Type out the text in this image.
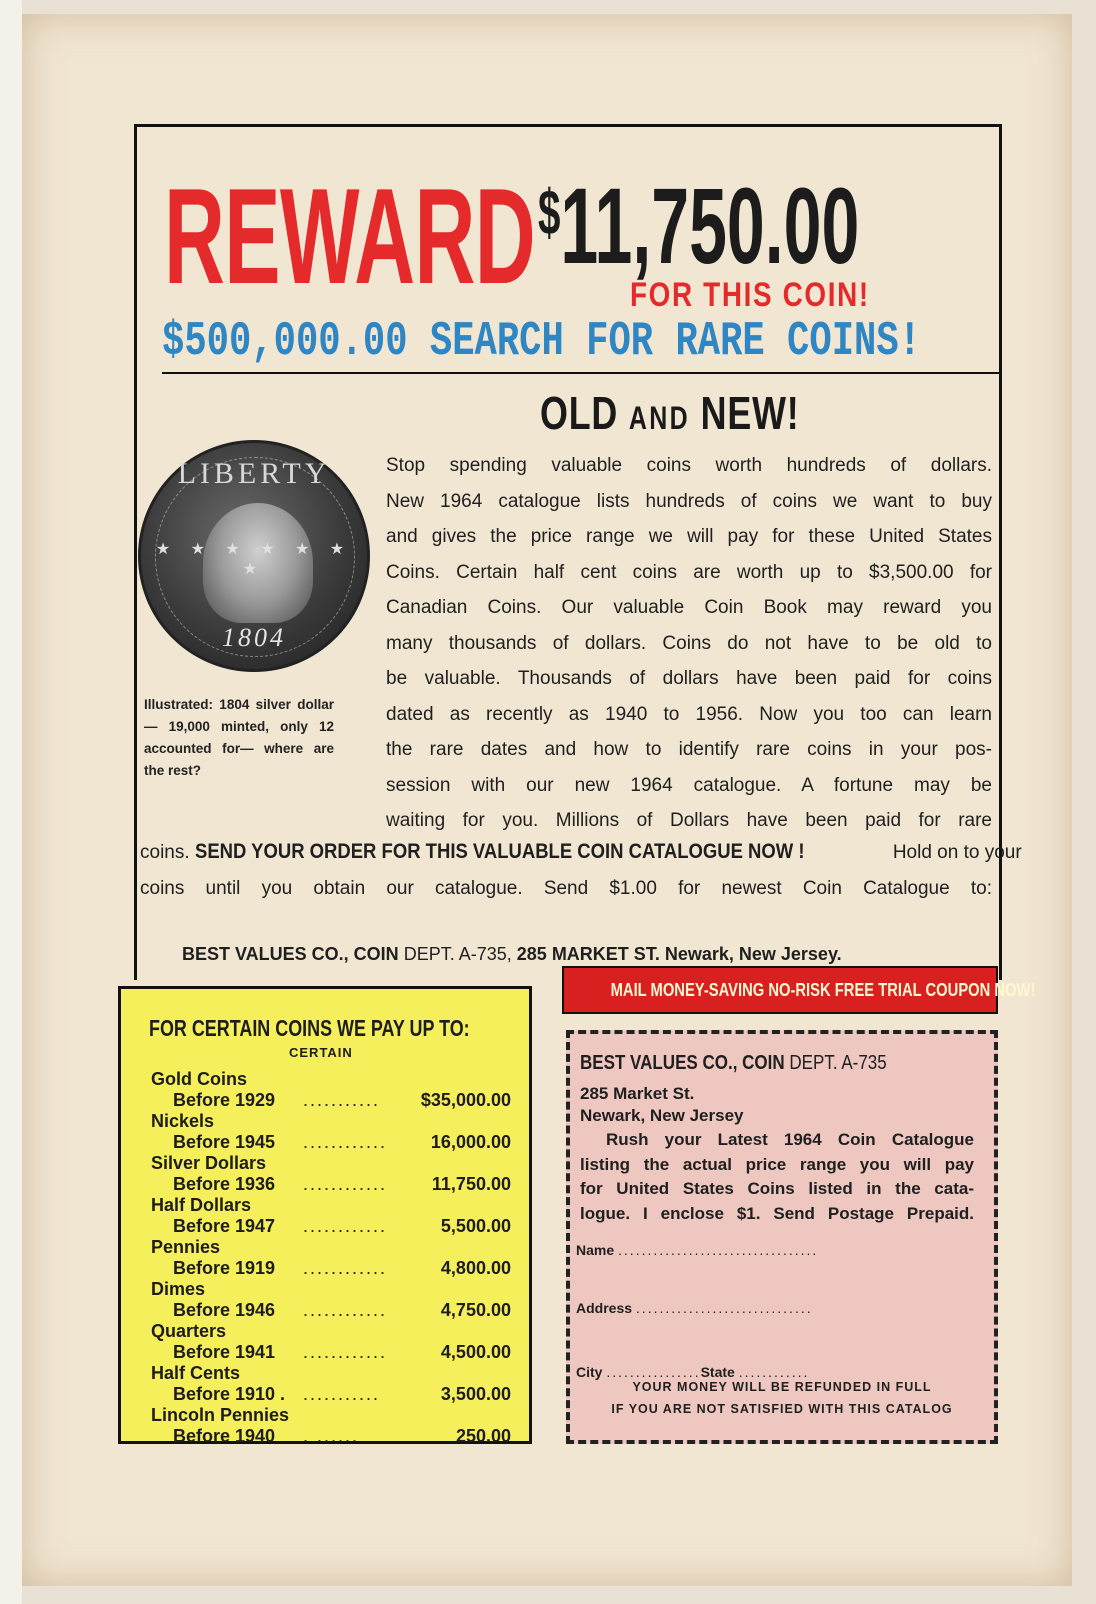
REWARD $11,750.00
FOR THIS COIN!
$500,000.00 SEARCH FOR RARE COINS!
OLD AND NEW!
LIBERTY
★ ★ ★ ★ ★ ★ ★
1804
Illustrated: 1804 silver dollar — 19,000 minted, only 12 accounted for— where are the rest?
Stop spending valuable coins worth hundreds of dollars.
New 1964 catalogue lists hundreds of coins we want to buy
and gives the price range we will pay for these United States
Coins. Certain half cent coins are worth up to $3,500.00 for
Canadian Coins. Our valuable Coin Book may reward you
many thousands of dollars. Coins do not have to be old to
be valuable. Thousands of dollars have been paid for coins
dated as recently as 1940 to 1956. Now you too can learn
the rare dates and how to identify rare coins in your pos-
session with our new 1964 catalogue. A fortune may be
waiting for you. Millions of Dollars have been paid for rare
coins. SEND YOUR ORDER FOR THIS VALUABLE COIN CATALOGUE NOW !	Hold on to your
coins until you obtain our catalogue. Send $1.00 for newest Coin Catalogue to:
BEST VALUES CO., COIN DEPT. A-735, 285 MARKET ST. Newark, New Jersey.
FOR CERTAIN COINS WE PAY UP TO:
CERTAIN
Gold Coins
Before 1929 ........... $35,000.00
Nickels
Before 1945 ............ 16,000.00
Silver Dollars
Before 1936 ............ 11,750.00
Half Dollars
Before 1947 ............	5,500.00
Pennies
Before 1919 ............	4,800.00
Dimes
Before 1946 ............	4,750.00
Quarters
Before 1941 ............	4,500.00
Half Cents
Before 1910 . ...........	3,500.00
Lincoln Pennies
Before 1940 . ......	250.00
MAIL MONEY-SAVING NO-RISK FREE TRIAL COUPON NOW!
BEST VALUES CO., COIN DEPT. A-735
285 Market St.
Newark, New Jersey
Rush your Latest 1964 Coin Catalogue
listing the actual price range you will pay
for United States Coins listed in the cata-
logue. I enclose $1. Send Postage Prepaid.
Name ..................................
Address ..............................
City ................State ............
YOUR MONEY WILL BE REFUNDED IN FULL
IF YOU ARE NOT SATISFIED WITH THIS CATALOG
